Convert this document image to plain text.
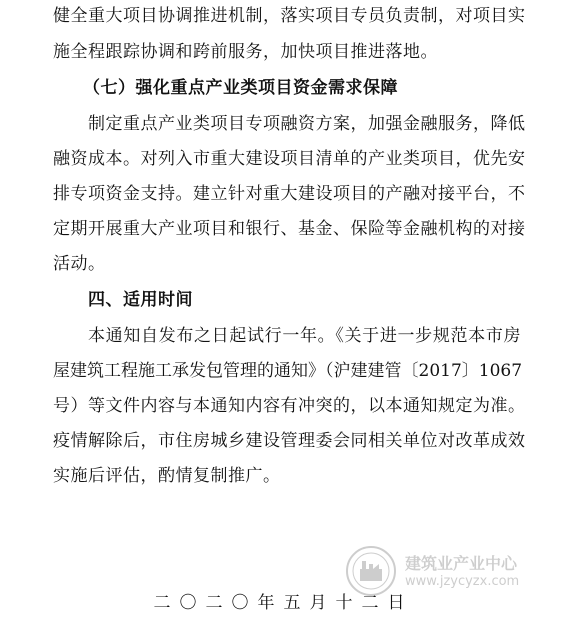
健全重大项目协调推进机制，落实项目专员负责制，对项目实
施全程跟踪协调和跨前服务，加快项目推进落地。
（七）强化重点产业类项目资金需求保障
制定重点产业类项目专项融资方案，加强金融服务，降低
融资成本。对列入市重大建设项目清单的产业类项目，优先安
排专项资金支持。建立针对重大建设项目的产融对接平台，不
定期开展重大产业项目和银行、基金、保险等金融机构的对接
活动。
四、适用时间
本通知自发布之日起试行一年。《关于进一步规范本市房
屋建筑工程施工承发包管理的通知》（沪建建管〔2017〕1067
号）等文件内容与本通知内容有冲突的，以本通知规定为准。
疫情解除后，市住房城乡建设管理委会同相关单位对改革成效
实施后评估，酌情复制推广。
建筑业产业中心
www.jzycyzx.com
二〇二〇年五月十二日
